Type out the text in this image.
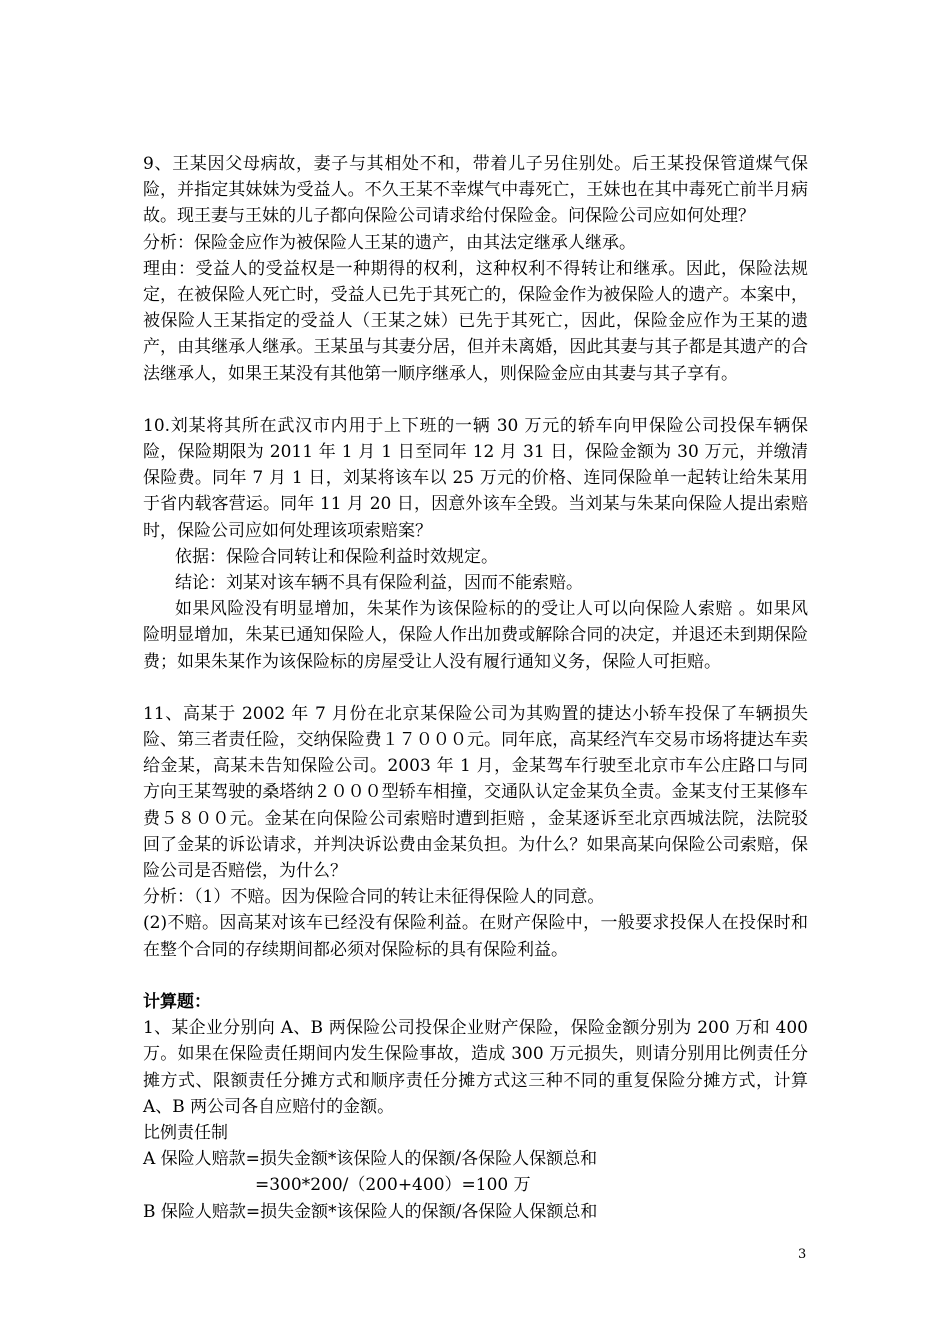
9、王某因父母病故，妻子与其相处不和，带着儿子另住别处。后王某投保管道煤气保险，并指定其妹妹为受益人。不久王某不幸煤气中毒死亡，王妹也在其中毒死亡前半月病故。现王妻与王妹的儿子都向保险公司请求给付保险金。问保险公司应如何处理？

分析：保险金应作为被保险人王某的遗产，由其法定继承人继承。

理由：受益人的受益权是一种期得的权利，这种权利不得转让和继承。因此，保险法规定，在被保险人死亡时，受益人已先于其死亡的，保险金作为被保险人的遗产。本案中，被保险人王某指定的受益人（王某之妹）已先于其死亡，因此，保险金应作为王某的遗产，由其继承人继承。王某虽与其妻分居，但并未离婚，因此其妻与其子都是其遗产的合法继承人，如果王某没有其他第一顺序继承人，则保险金应由其妻与其子享有。

10.刘某将其所在武汉市内用于上下班的一辆 30 万元的轿车向甲保险公司投保车辆保险，保险期限为 2011 年 1 月 1 日至同年 12 月 31 日，保险金额为 30 万元，并缴清保险费。同年 7 月 1 日，刘某将该车以 25 万元的价格、连同保险单一起转让给朱某用于省内载客营运。同年 11 月 20 日，因意外该车全毁。当刘某与朱某向保险人提出索赔时，保险公司应如何处理该项索赔案？

依据：保险合同转让和保险利益时效规定。

结论：刘某对该车辆不具有保险利益，因而不能索赔。

如果风险没有明显增加，朱某作为该保险标的的受让人可以向保险人索赔 。如果风险明显增加，朱某已通知保险人，保险人作出加费或解除合同的决定，并退还未到期保险费；如果朱某作为该保险标的房屋受让人没有履行通知义务，保险人可拒赔。

11、高某于 2002 年 7 月份在北京某保险公司为其购置的捷达小轿车投保了车辆损失险、第三者责任险，交纳保险费１７０００元。同年底，高某经汽车交易市场将捷达车卖给金某，高某未告知保险公司。2003 年 1 月，金某驾车行驶至北京市车公庄路口与同方向王某驾驶的桑塔纳２０００型轿车相撞，交通队认定金某负全责。金某支付王某修车费５８００元。金某在向保险公司索赔时遭到拒赔 ，金某逐诉至北京西城法院，法院驳回了金某的诉讼请求，并判决诉讼费由金某负担。为什么？如果高某向保险公司索赔，保险公司是否赔偿，为什么？

分析：（1）不赔。因为保险合同的转让未征得保险人的同意。

(2)不赔。因高某对该车已经没有保险利益。在财产保险中，一般要求投保人在投保时和在整个合同的存续期间都必须对保险标的具有保险利益。

计算题：

1、某企业分别向 A、B 两保险公司投保企业财产保险，保险金额分别为 200 万和 400 万。如果在保险责任期间内发生保险事故，造成 300 万元损失，则请分别用比例责任分摊方式、限额责任分摊方式和顺序责任分摊方式这三种不同的重复保险分摊方式，计算 A、B 两公司各自应赔付的金额。

比例责任制

A 保险人赔款=损失金额*该保险人的保额/各保险人保额总和

=300*200/（200+400）=100 万

B 保险人赔款=损失金额*该保险人的保额/各保险人保额总和

3
